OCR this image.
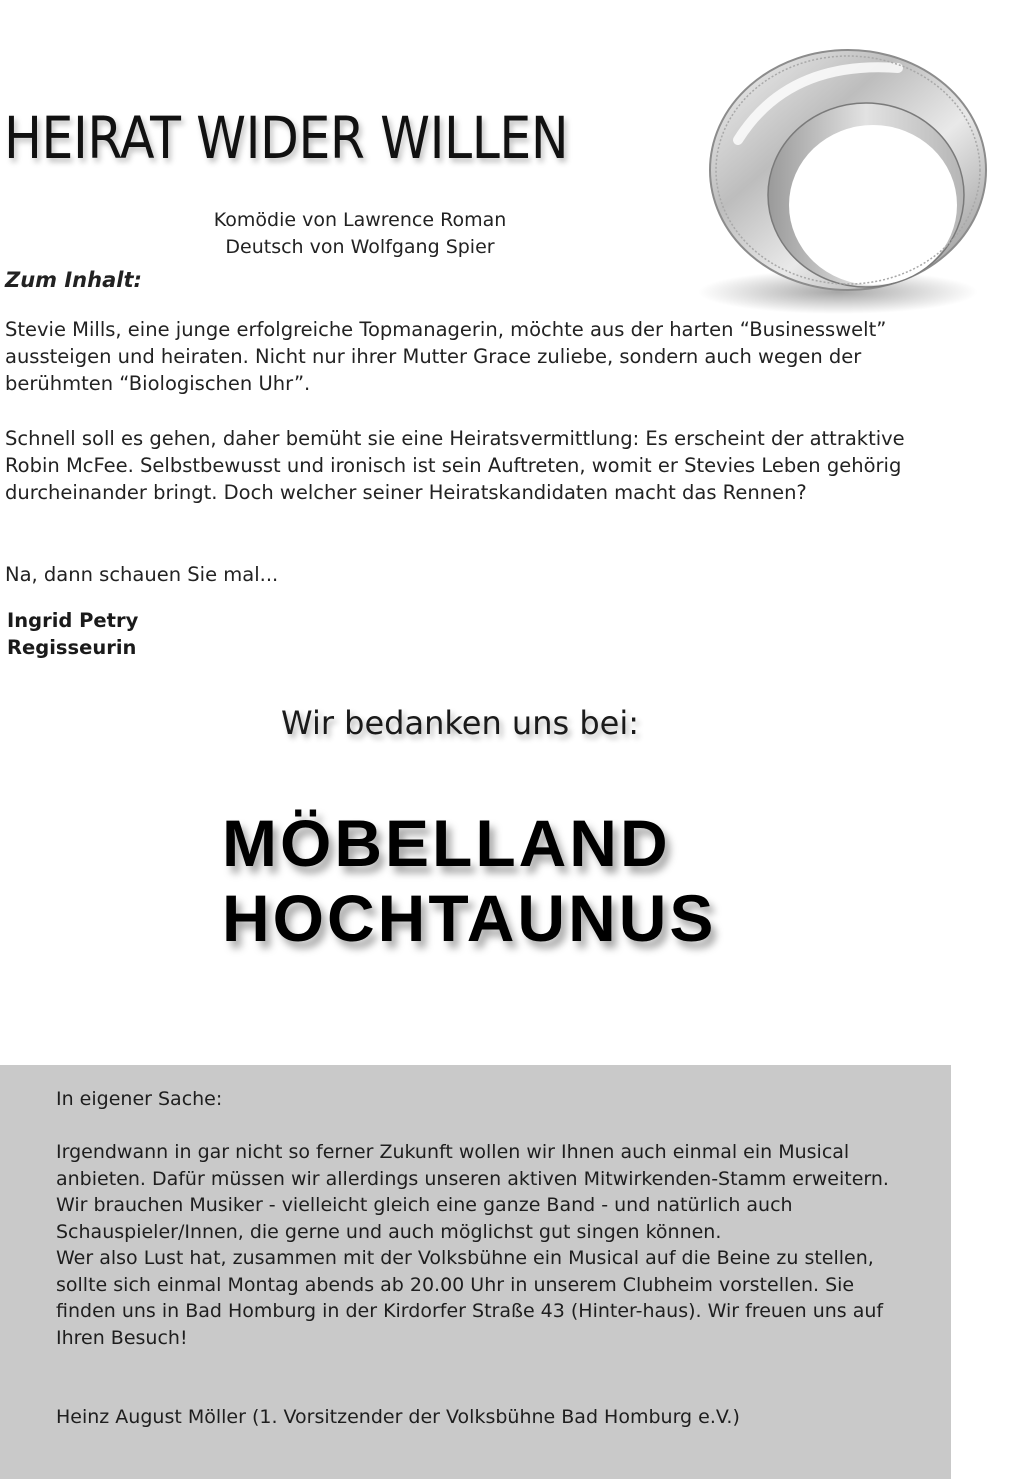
HEIRAT WIDER WILLEN
Komödie von Lawrence Roman
Deutsch von Wolfgang Spier
Zum Inhalt:

Stevie Mills, eine junge erfolgreiche Topmanagerin, möchte aus der harten “Businesswelt” aussteigen und heiraten. Nicht nur ihrer Mutter Grace zuliebe, sondern auch wegen der berühmten “Biologischen Uhr”.

Schnell soll es gehen, daher bemüht sie eine Heiratsvermittlung: Es erscheint der attraktive Robin McFee. Selbstbewusst und ironisch ist sein Auftreten, womit er Stevies Leben gehörig durcheinander bringt. Doch welcher seiner Heiratskandidaten macht das Rennen?

Na, dann schauen Sie mal...

Ingrid Petry
Regisseurin
Wir bedanken uns bei:
MÖBELLAND
HOCHTAUNUS

In eigener Sache:

Irgendwann in gar nicht so ferner Zukunft wollen wir Ihnen auch einmal ein Musical anbieten. Dafür müssen wir allerdings unseren aktiven Mitwirkenden-Stamm erweitern. Wir brauchen Musiker - vielleicht gleich eine ganze Band - und natürlich auch Schauspieler/Innen, die gerne und auch möglichst gut singen können.
Wer also Lust hat, zusammen mit der Volksbühne ein Musical auf die Beine zu stellen, sollte sich einmal Montag abends ab 20.00 Uhr in unserem Clubheim vorstellen. Sie finden uns in Bad Homburg in der Kirdorfer Straße 43 (Hinter-haus). Wir freuen uns auf Ihren Besuch!

Heinz August Möller (1. Vorsitzender der Volksbühne Bad Homburg e.V.)
